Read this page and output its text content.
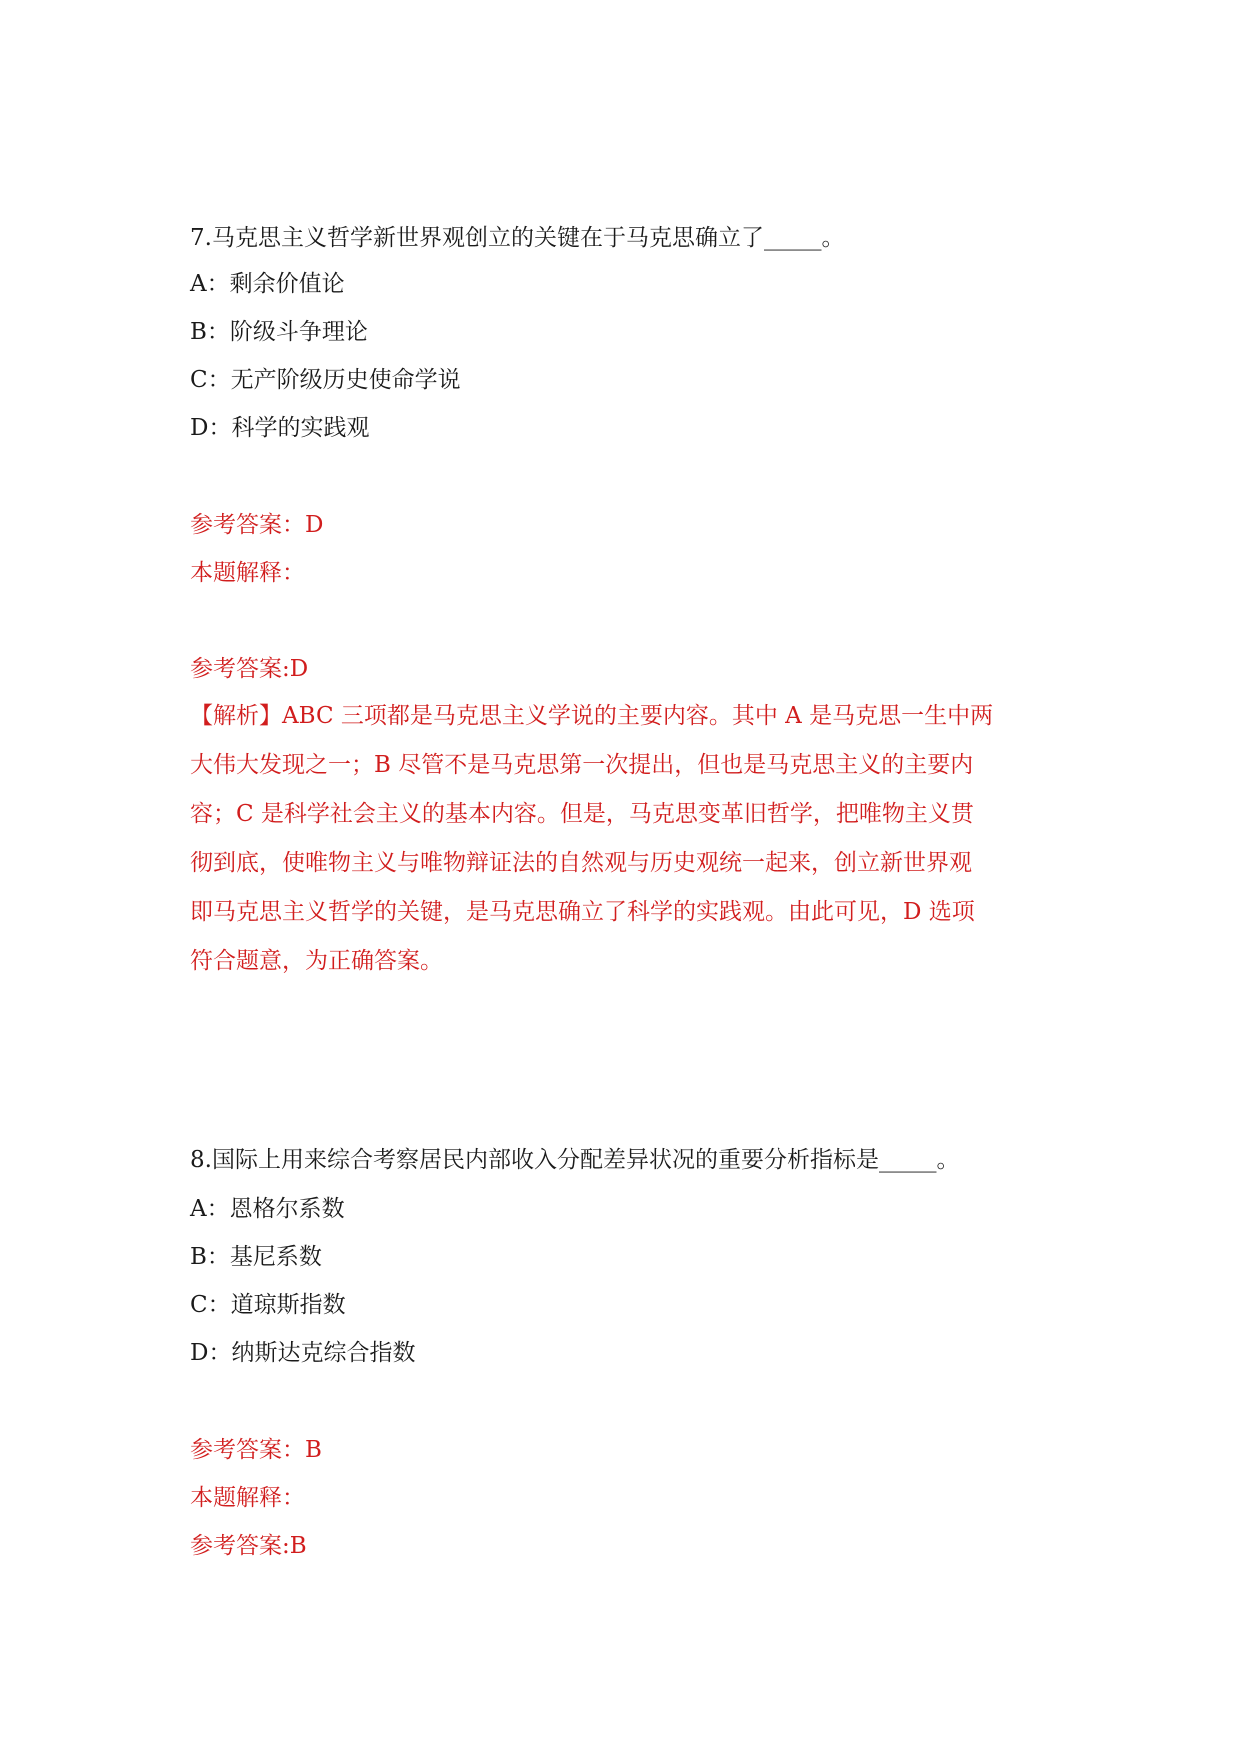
7.马克思主义哲学新世界观创立的关键在于马克思确立了_____。
A：剩余价值论
B：阶级斗争理论
C：无产阶级历史使命学说
D：科学的实践观
参考答案：D
本题解释：
参考答案:D
【解析】ABC 三项都是马克思主义学说的主要内容。其中 A 是马克思一生中两
大伟大发现之一；B 尽管不是马克思第一次提出，但也是马克思主义的主要内
容；C 是科学社会主义的基本内容。但是，马克思变革旧哲学，把唯物主义贯
彻到底，使唯物主义与唯物辩证法的自然观与历史观统一起来，创立新世界观
即马克思主义哲学的关键，是马克思确立了科学的实践观。由此可见，D 选项
符合题意，为正确答案。
8.国际上用来综合考察居民内部收入分配差异状况的重要分析指标是_____。
A：恩格尔系数
B：基尼系数
C：道琼斯指数
D：纳斯达克综合指数
参考答案：B
本题解释：
参考答案:B
